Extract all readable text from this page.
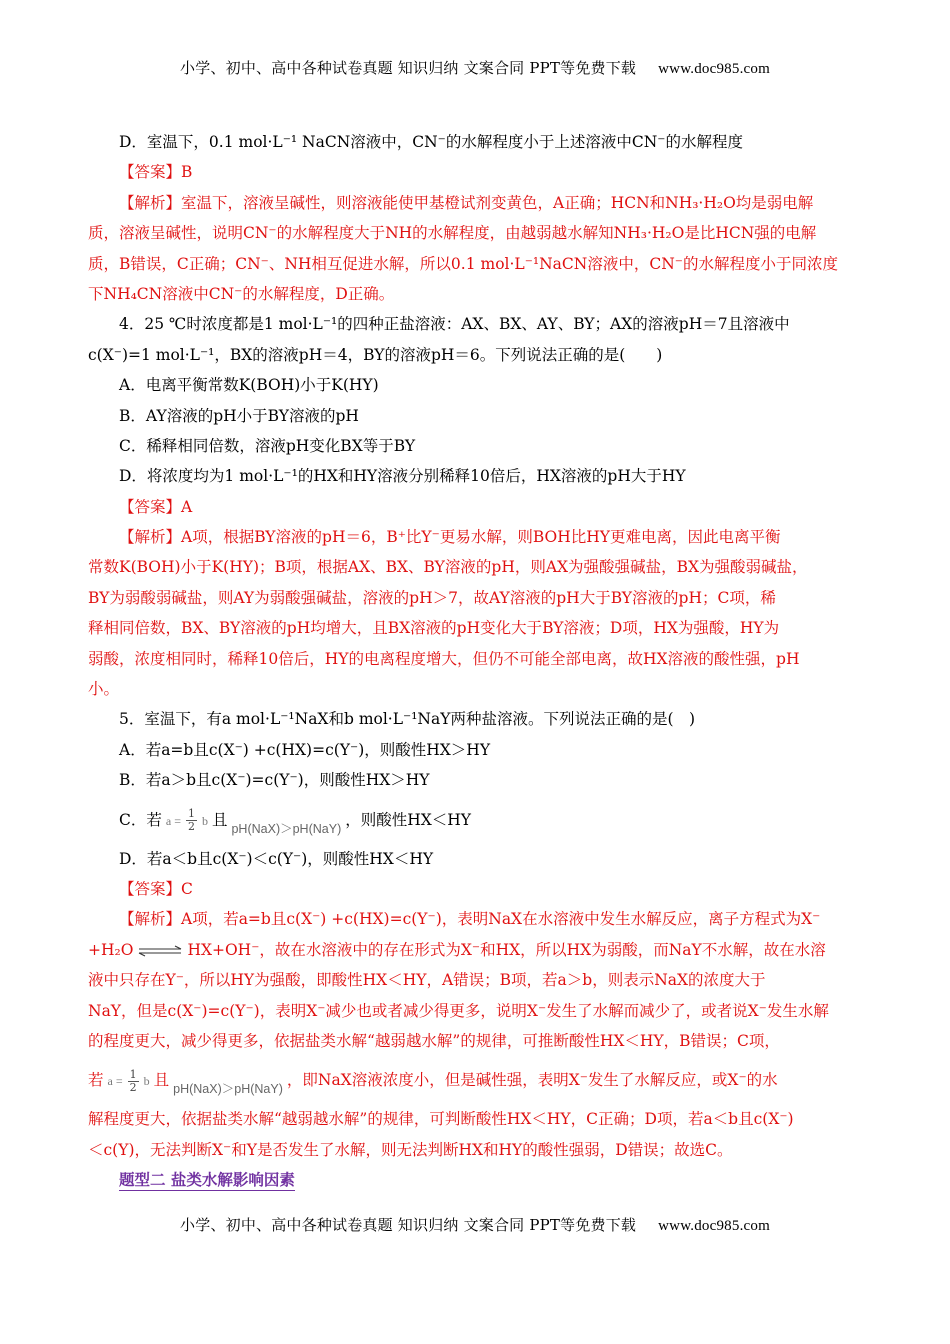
小学、初中、高中各种试卷真题 知识归纳 文案合同 PPT等免费下载 www.doc985.com
D．室温下，0.1 mol·L⁻¹ NaCN溶液中，CN⁻的水解程度小于上述溶液中CN⁻的水解程度
【答案】B
【解析】室温下，溶液呈碱性，则溶液能使甲基橙试剂变黄色，A正确；HCN和NH₃·H₂O均是弱电解
质，溶液呈碱性，说明CN⁻的水解程度大于NH的水解程度，由越弱越水解知NH₃·H₂O是比HCN强的电解
质，B错误，C正确；CN⁻、NH相互促进水解，所以0.1 mol·L⁻¹NaCN溶液中，CN⁻的水解程度小于同浓度
下NH₄CN溶液中CN⁻的水解程度，D正确。
4．25 ℃时浓度都是1 mol·L⁻¹的四种正盐溶液：AX、BX、AY、BY；AX的溶液pH＝7且溶液中
c(X⁻)=1 mol·L⁻¹，BX的溶液pH＝4，BY的溶液pH＝6。下列说法正确的是(　　)
A．电离平衡常数K(BOH)小于K(HY)
B．AY溶液的pH小于BY溶液的pH
C．稀释相同倍数，溶液pH变化BX等于BY
D．将浓度均为1 mol·L⁻¹的HX和HY溶液分别稀释10倍后，HX溶液的pH大于HY
【答案】A
【解析】A项，根据BY溶液的pH＝6，B⁺比Y⁻更易水解，则BOH比HY更难电离，因此电离平衡
常数K(BOH)小于K(HY)；B项，根据AX、BX、BY溶液的pH，则AX为强酸强碱盐，BX为强酸弱碱盐，
BY为弱酸弱碱盐，则AY为弱酸强碱盐，溶液的pH＞7，故AY溶液的pH大于BY溶液的pH；C项，稀
释相同倍数，BX、BY溶液的pH均增大，且BX溶液的pH变化大于BY溶液；D项，HX为强酸，HY为
弱酸，浓度相同时，稀释10倍后，HY的电离程度增大，但仍不可能全部电离，故HX溶液的酸性强，pH
小。
5．室温下，有a mol·L⁻¹NaX和b mol·L⁻¹NaY两种盐溶液。下列说法正确的是(　)
A．若a=b且c(X⁻) +c(HX)=c(Y⁻)，则酸性HX＞HY
B．若a＞b且c(X⁻)=c(Y⁻)，则酸性HX＞HY
C．若 $a = \frac{1}{2}$ b 且 pH(NaX)＞pH(NaY) ，则酸性HX＜HY
D．若a＜b且c(X⁻)＜c(Y⁻)，则酸性HX＜HY
【答案】C
【解析】A项，若a=b且c(X⁻) +c(HX)=c(Y⁻)，表明NaX在水溶液中发生水解反应，离子方程式为X⁻
+H₂O ⇌ HX+OH⁻，故在水溶液中的存在形式为X⁻和HX，所以HX为弱酸，而NaY不水解，故在水溶
液中只存在Y⁻，所以HY为强酸，即酸性HX＜HY，A错误；B项，若a＞b，则表示NaX的浓度大于
NaY，但是c(X⁻)=c(Y⁻)，表明X⁻减少也或者减少得更多，说明X⁻发生了水解而减少了，或者说X⁻发生水解
的程度更大，减少得更多，依据盐类水解“越弱越水解”的规律，可推断酸性HX＜HY，B错误；C项，
若 $a = \frac{1}{2}$ b 且 pH(NaX)＞pH(NaY) ，即NaX溶液浓度小，但是碱性强，表明X⁻发生了水解反应，或X⁻的水
解程度更大，依据盐类水解“越弱越水解”的规律，可判断酸性HX＜HY，C正确；D项，若a＜b且c(X⁻)
＜c(Y)，无法判断X⁻和Y是否发生了水解，则无法判断HX和HY的酸性强弱，D错误；故选C。
题型二 盐类水解影响因素
小学、初中、高中各种试卷真题 知识归纳 文案合同 PPT等免费下载 www.doc985.com
